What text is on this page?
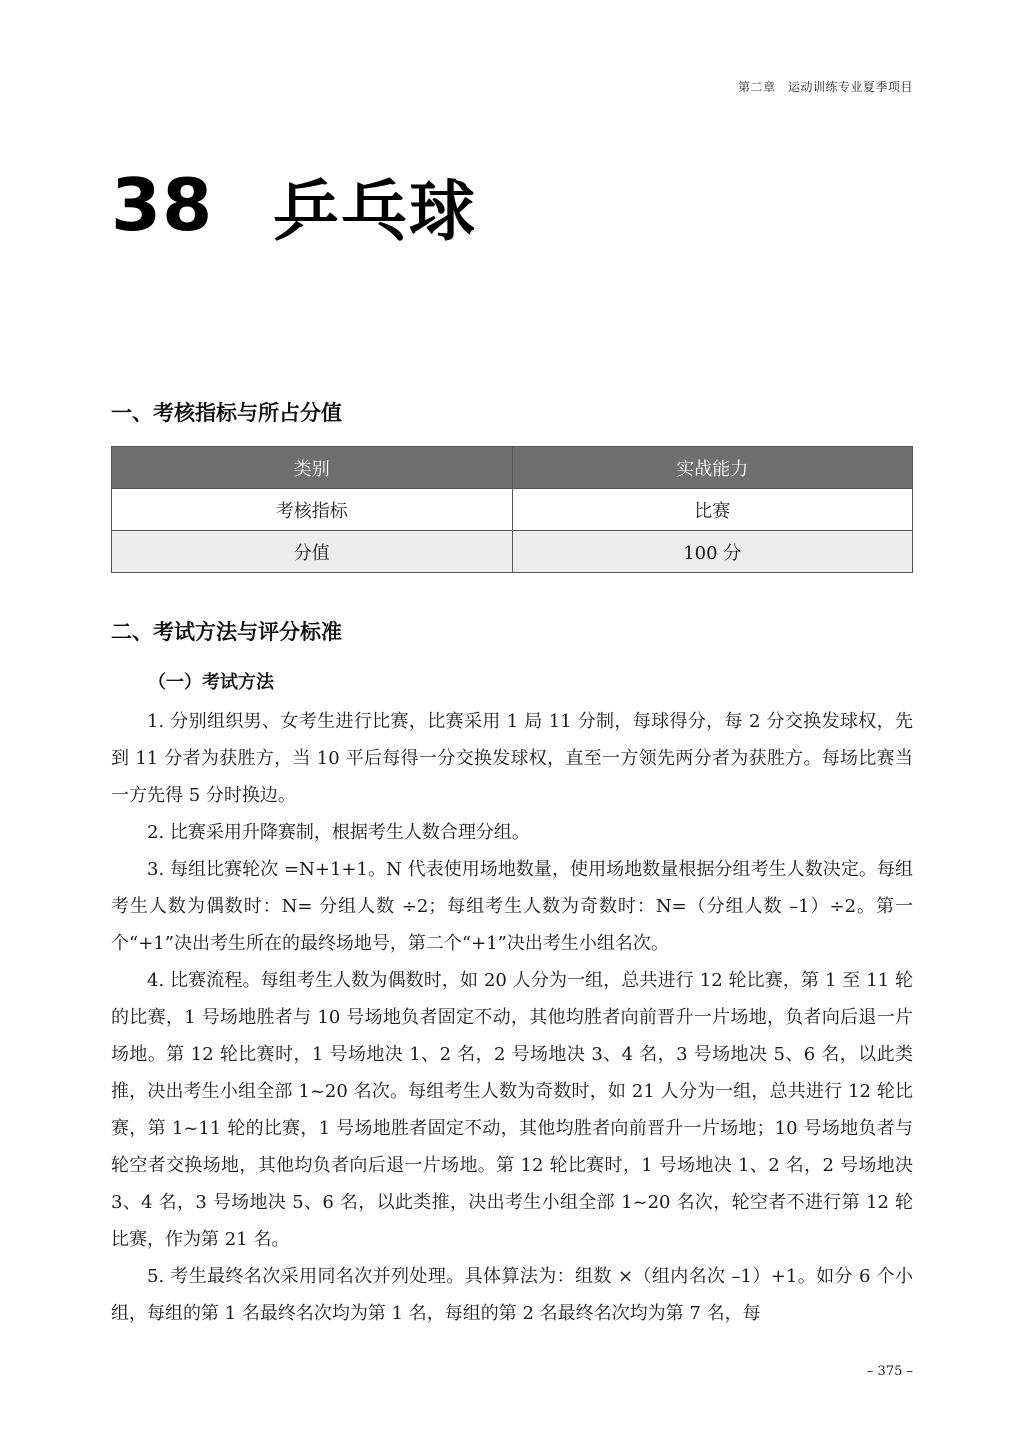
第二章　运动训练专业夏季项目
38 乒乓球
一、考核指标与所占分值
类别	实战能力
考核指标	比赛
分值	100 分
二、考试方法与评分标准
（一）考试方法

1. 分别组织男、女考生进行比赛，比赛采用 1 局 11 分制，每球得分，每 2 分交换发球权，先到 11 分者为获胜方，当 10 平后每得一分交换发球权，直至一方领先两分者为获胜方。每场比赛当一方先得 5 分时换边。

2. 比赛采用升降赛制，根据考生人数合理分组。

3. 每组比赛轮次 =N+1+1。N 代表使用场地数量，使用场地数量根据分组考生人数决定。每组考生人数为偶数时：N= 分组人数 ÷2；每组考生人数为奇数时：N=（分组人数 –1）÷2。第一个“+1”决出考生所在的最终场地号，第二个“+1”决出考生小组名次。

4. 比赛流程。每组考生人数为偶数时，如 20 人分为一组，总共进行 12 轮比赛，第 1 至 11 轮的比赛，1 号场地胜者与 10 号场地负者固定不动，其他均胜者向前晋升一片场地，负者向后退一片场地。第 12 轮比赛时，1 号场地决 1、2 名，2 号场地决 3、4 名，3 号场地决 5、6 名，以此类推，决出考生小组全部 1~20 名次。每组考生人数为奇数时，如 21 人分为一组，总共进行 12 轮比赛，第 1~11 轮的比赛，1 号场地胜者固定不动，其他均胜者向前晋升一片场地；10 号场地负者与轮空者交换场地，其他均负者向后退一片场地。第 12 轮比赛时，1 号场地决 1、2 名，2 号场地决 3、4 名，3 号场地决 5、6 名，以此类推，决出考生小组全部 1~20 名次，轮空者不进行第 12 轮比赛，作为第 21 名。

5. 考生最终名次采用同名次并列处理。具体算法为：组数 ×（组内名次 –1）+1。如分 6 个小组，每组的第 1 名最终名次均为第 1 名，每组的第 2 名最终名次均为第 7 名，每

– 375 –
